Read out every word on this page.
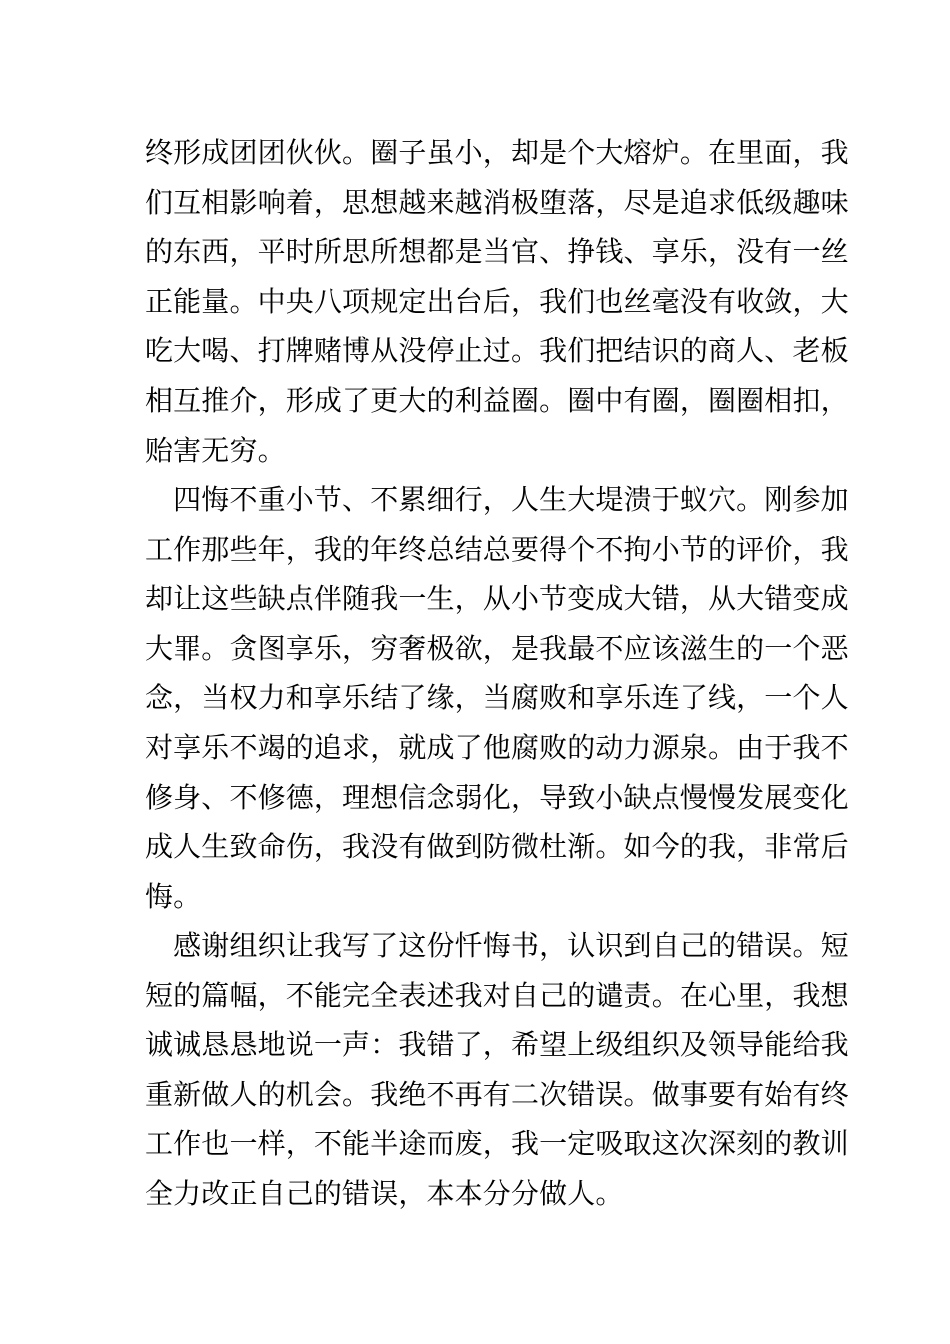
终形成团团伙伙。圈子虽小，却是个大熔炉。在里面，我
们互相影响着，思想越来越消极堕落，尽是追求低级趣味
的东西，平时所思所想都是当官、挣钱、享乐，没有一丝
正能量。中央八项规定出台后，我们也丝毫没有收敛，大
吃大喝、打牌赌博从没停止过。我们把结识的商人、老板
相互推介，形成了更大的利益圈。圈中有圈，圈圈相扣，
贻害无穷。
　四悔不重小节、不累细行，人生大堤溃于蚁穴。刚参加
工作那些年，我的年终总结总要得个不拘小节的评价，我
却让这些缺点伴随我一生，从小节变成大错，从大错变成
大罪。贪图享乐，穷奢极欲，是我最不应该滋生的一个恶
念，当权力和享乐结了缘，当腐败和享乐连了线，一个人
对享乐不竭的追求，就成了他腐败的动力源泉。由于我不
修身、不修德，理想信念弱化，导致小缺点慢慢发展变化
成人生致命伤，我没有做到防微杜渐。如今的我，非常后
悔。
　感谢组织让我写了这份忏悔书，认识到自己的错误。短
短的篇幅，不能完全表述我对自己的谴责。在心里，我想
诚诚恳恳地说一声：我错了，希望上级组织及领导能给我
重新做人的机会。我绝不再有二次错误。做事要有始有终
工作也一样，不能半途而废，我一定吸取这次深刻的教训
全力改正自己的错误，本本分分做人。
